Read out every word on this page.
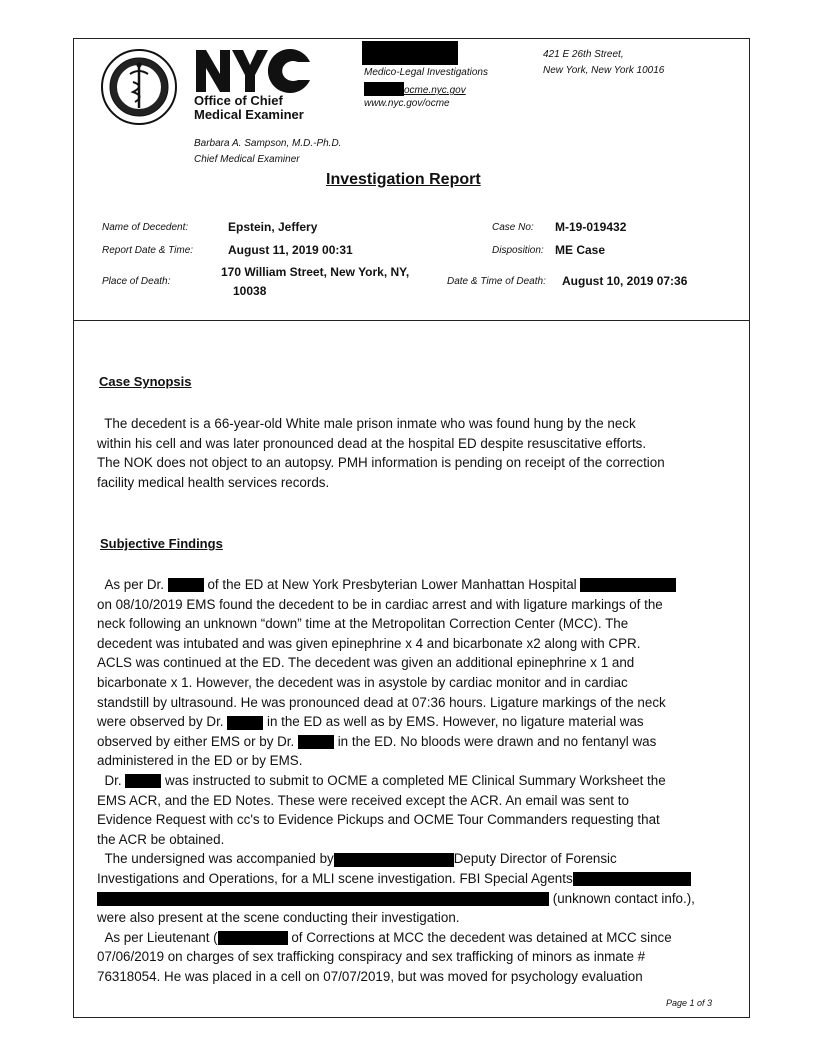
Office of Chief
Medical Examiner
Medico-Legal Investigations
ocme.nyc.gov
www.nyc.gov/ocme
421 E 26th Street,
New York, New York 10016
Barbara A. Sampson, M.D.-Ph.D.
Chief Medical Examiner
Investigation Report
Name of Decedent:	Epstein, Jeffery	Case No: M-19-019432
Report Date & Time:	August 11, 2019 00:31	Disposition: ME Case
Place of Death:
170 William Street, New York, NY,
10038
Date & Time of Death: August 10, 2019 07:36
Case Synopsis

The decedent is a 66-year-old White male prison inmate who was found hung by the neck

within his cell and was later pronounced dead at the hospital ED despite resuscitative efforts.

The NOK does not object to an autopsy. PMH information is pending on receipt of the correction

facility medical health services records.

Subjective Findings

As per Dr.	of the ED at New York Presbyterian Lower Manhattan Hospital

on 08/10/2019 EMS found the decedent to be in cardiac arrest and with ligature markings of the

neck following an unknown “down” time at the Metropolitan Correction Center (MCC). The

decedent was intubated and was given epinephrine x 4 and bicarbonate x2 along with CPR.

ACLS was continued at the ED. The decedent was given an additional epinephrine x 1 and

bicarbonate x 1. However, the decedent was in asystole by cardiac monitor and in cardiac

standstill by ultrasound. He was pronounced dead at 07:36 hours. Ligature markings of the neck

were observed by Dr.	in the ED as well as by EMS. However, no ligature material was

observed by either EMS or by Dr.	in the ED. No bloods were drawn and no fentanyl was

administered in the ED or by EMS.

Dr.	was instructed to submit to OCME a completed ME Clinical Summary Worksheet the

EMS ACR, and the ED Notes. These were received except the ACR. An email was sent to

Evidence Request with cc's to Evidence Pickups and OCME Tour Commanders requesting that

the ACR be obtained.

The undersigned was accompanied by	Deputy Director of Forensic

Investigations and Operations, for a MLI scene investigation. FBI Special Agents

(unknown contact info.),

were also present at the scene conducting their investigation.

As per Lieutenant (	of Corrections at MCC the decedent was detained at MCC since

07/06/2019 on charges of sex trafficking conspiracy and sex trafficking of minors as inmate #

76318054. He was placed in a cell on 07/07/2019, but was moved for psychology evaluation

Page 1 of 3
